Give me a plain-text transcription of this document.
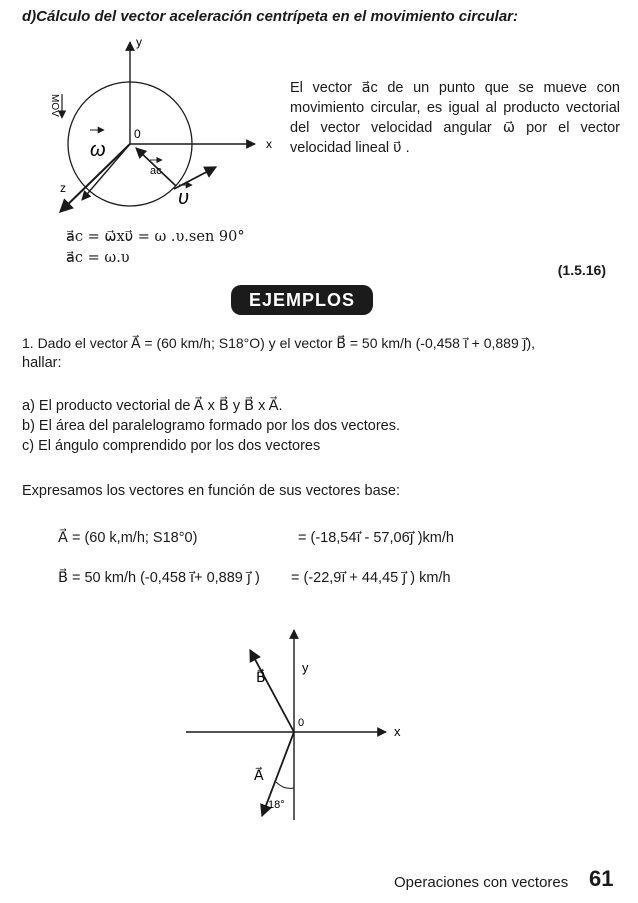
d)Cálculo del vector aceleración centrípeta en el movimiento circular:
MOV
y
x
z
0
ω
ac
υ
El vector a⃗c de un punto que se mueve con movimiento circular, es igual al producto vectorial del vector velocidad angular ω⃗ por el vector velocidad lineal υ⃗ .
a⃗c = ω⃗xυ⃗ = ω .υ.sen 90°
a⃗c = ω.υ
(1.5.16)
EJEMPLOS
1. Dado el vector A⃗ = (60 km/h; S18°O) y el vector B⃗ = 50 km/h (-0,458 i⃗ + 0,889 j⃗),
hallar:
a) El producto vectorial de A⃗ x B⃗ y B⃗ x A⃗.
b) El área del paralelogramo formado por los dos vectores.
c) El ángulo comprendido por los dos vectores
Expresamos los vectores en función de sus vectores base:
A⃗ = (60 k,m/h; S18°0)	= (-18,54i⃗ - 57,06j⃗ )km/h
B⃗ = 50 km/h (-0,458 i⃗+ 0,889 j⃗ ) = (-22,9i⃗ + 44,45 j⃗ ) km/h
y
x
0
B⃗
A⃗
18°
Operaciones con vectores 61
